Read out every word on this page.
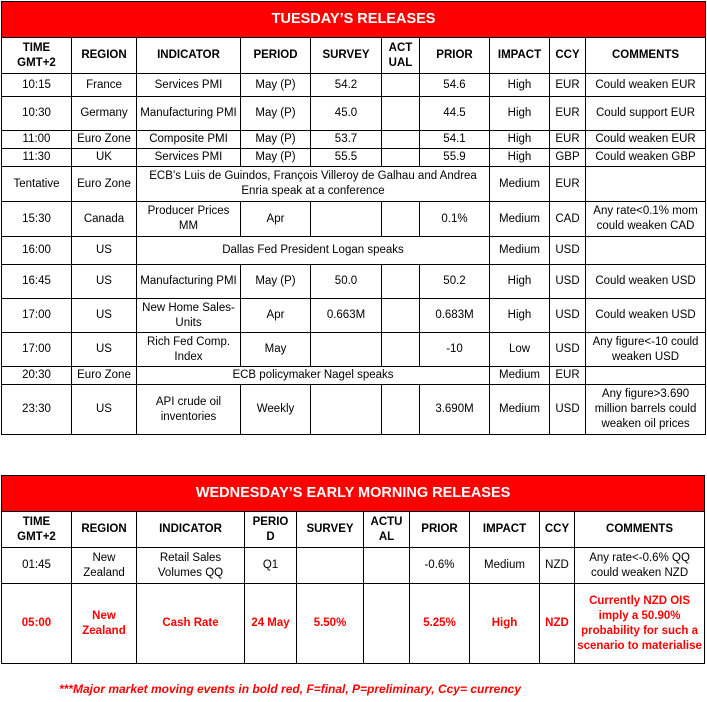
TUESDAY’S RELEASES									
TIME GMT+2	REGION	INDICATOR	PERIOD	SURVEY	ACT UAL	PRIOR	IMPACT	CCY	COMMENTS
10:15	France	Services PMI	May (P)	54.2		54.6	High	EUR	Could weaken EUR
10:30	Germany	Manufacturing PMI	May (P)	45.0		44.5	High	EUR	Could support EUR
11:00	Euro Zone	Composite PMI	May (P)	53.7		54.1	High	EUR	Could weaken EUR
11:30	UK	Services PMI	May (P)	55.5		55.9	High	GBP	Could weaken GBP
Tentative	Euro Zone	ECB’s Luis de Guindos, François Villeroy de Galhau and Andrea Enria speak at a conference					Medium	EUR	
15:30	Canada	Producer Prices MM	Apr			0.1%	Medium	CAD	Any rate<0.1% mom could weaken CAD
16:00	US	Dallas Fed President Logan speaks					Medium	USD	
16:45	US	Manufacturing PMI	May (P)	50.0		50.2	High	USD	Could weaken USD
17:00	US	New Home Sales-Units	Apr	0.663M		0.683M	High	USD	Could weaken USD
17:00	US	Rich Fed Comp. Index	May			-10	Low	USD	Any figure<-10 could weaken USD
20:30	Euro Zone	ECB policymaker Nagel speaks					Medium	EUR	
23:30	US	API crude oil inventories	Weekly			3.690M	Medium	USD	Any figure>3.690 million barrels could weaken oil prices
WEDNESDAY’S EARLY MORNING RELEASES									
TIME GMT+2	REGION	INDICATOR	PERIO D	SURVEY	ACTU AL	PRIOR	IMPACT	CCY	COMMENTS
01:45	New Zealand	Retail Sales Volumes QQ	Q1			-0.6%	Medium	NZD	Any rate<-0.6% QQ could weaken NZD
05:00	New Zealand	Cash Rate	24 May	5.50%		5.25%	High	NZD	Currently NZD OIS imply a 50.90% probability for such a scenario to materialise
***Major market moving events in bold red, F=final, P=preliminary, Ccy= currency
